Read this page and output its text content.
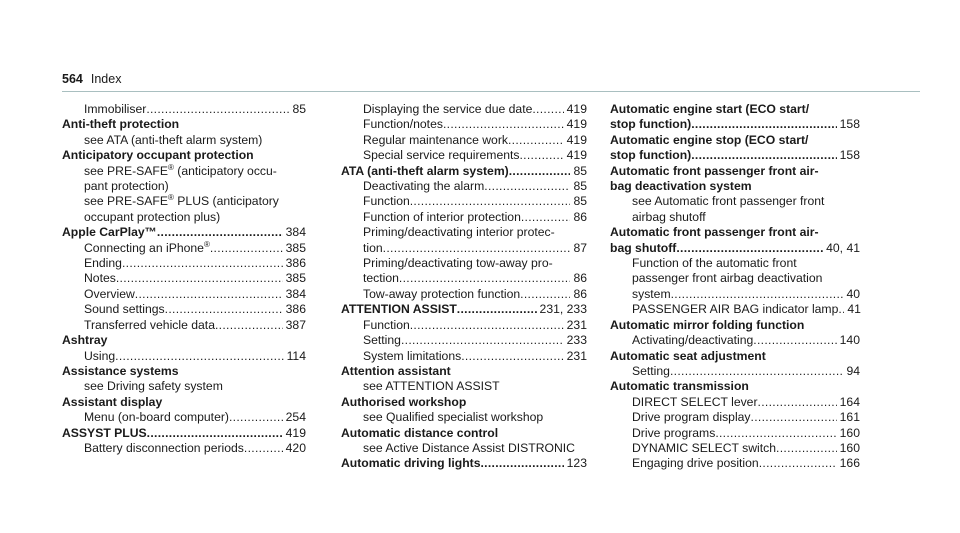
564 Index
Immobiliser .....	85
Anti-theft protection
see ATA (anti-theft alarm system)
Anticipatory occupant protection
see PRE-SAFE® (anticipatory occu-
pant protection)
see PRE-SAFE® PLUS (anticipatory
occupant protection plus)
Apple CarPlay™ .....	384
Connecting an iPhone® .....	385
Ending .....	386
Notes .....	385
Overview .....	384
Sound settings .....	386
Transferred vehicle data .....	387
Ashtray
Using .....	114
Assistance systems
see Driving safety system
Assistant display
Menu (on-board computer) .....	254
ASSYST PLUS .....	419
Battery disconnection periods .....	420
Displaying the service due date .....	419
Function/notes .....	419
Regular maintenance work .....	419
Special service requirements .....	419
ATA (anti-theft alarm system) .....	85
Deactivating the alarm .....	85
Function .....	85
Function of interior protection .....	86
Priming/deactivating interior protec-
tion .....	87
Priming/deactivating tow-away pro-
tection .....	86
Tow-away protection function .....	86
ATTENTION ASSIST .....	231, 233
Function .....	231
Setting .....	233
System limitations .....	231
Attention assistant
see ATTENTION ASSIST
Authorised workshop
see Qualified specialist workshop
Automatic distance control
see Active Distance Assist DISTRONIC
Automatic driving lights .....	123
Automatic engine start (ECO start/
stop function) .....	158
Automatic engine stop (ECO start/
stop function) .....	158
Automatic front passenger front air-
bag deactivation system
see Automatic front passenger front
airbag shutoff
Automatic front passenger front air-
bag shutoff .....	40, 41
Function of the automatic front
passenger front airbag deactivation
system .....	40
PASSENGER AIR BAG indicator lamp ..... 41
Automatic mirror folding function
Activating/deactivating .....	140
Automatic seat adjustment
Setting .....	94
Automatic transmission
DIRECT SELECT lever .....	164
Drive program display .....	161
Drive programs .....	160
DYNAMIC SELECT switch .....	160
Engaging drive position .....	166
